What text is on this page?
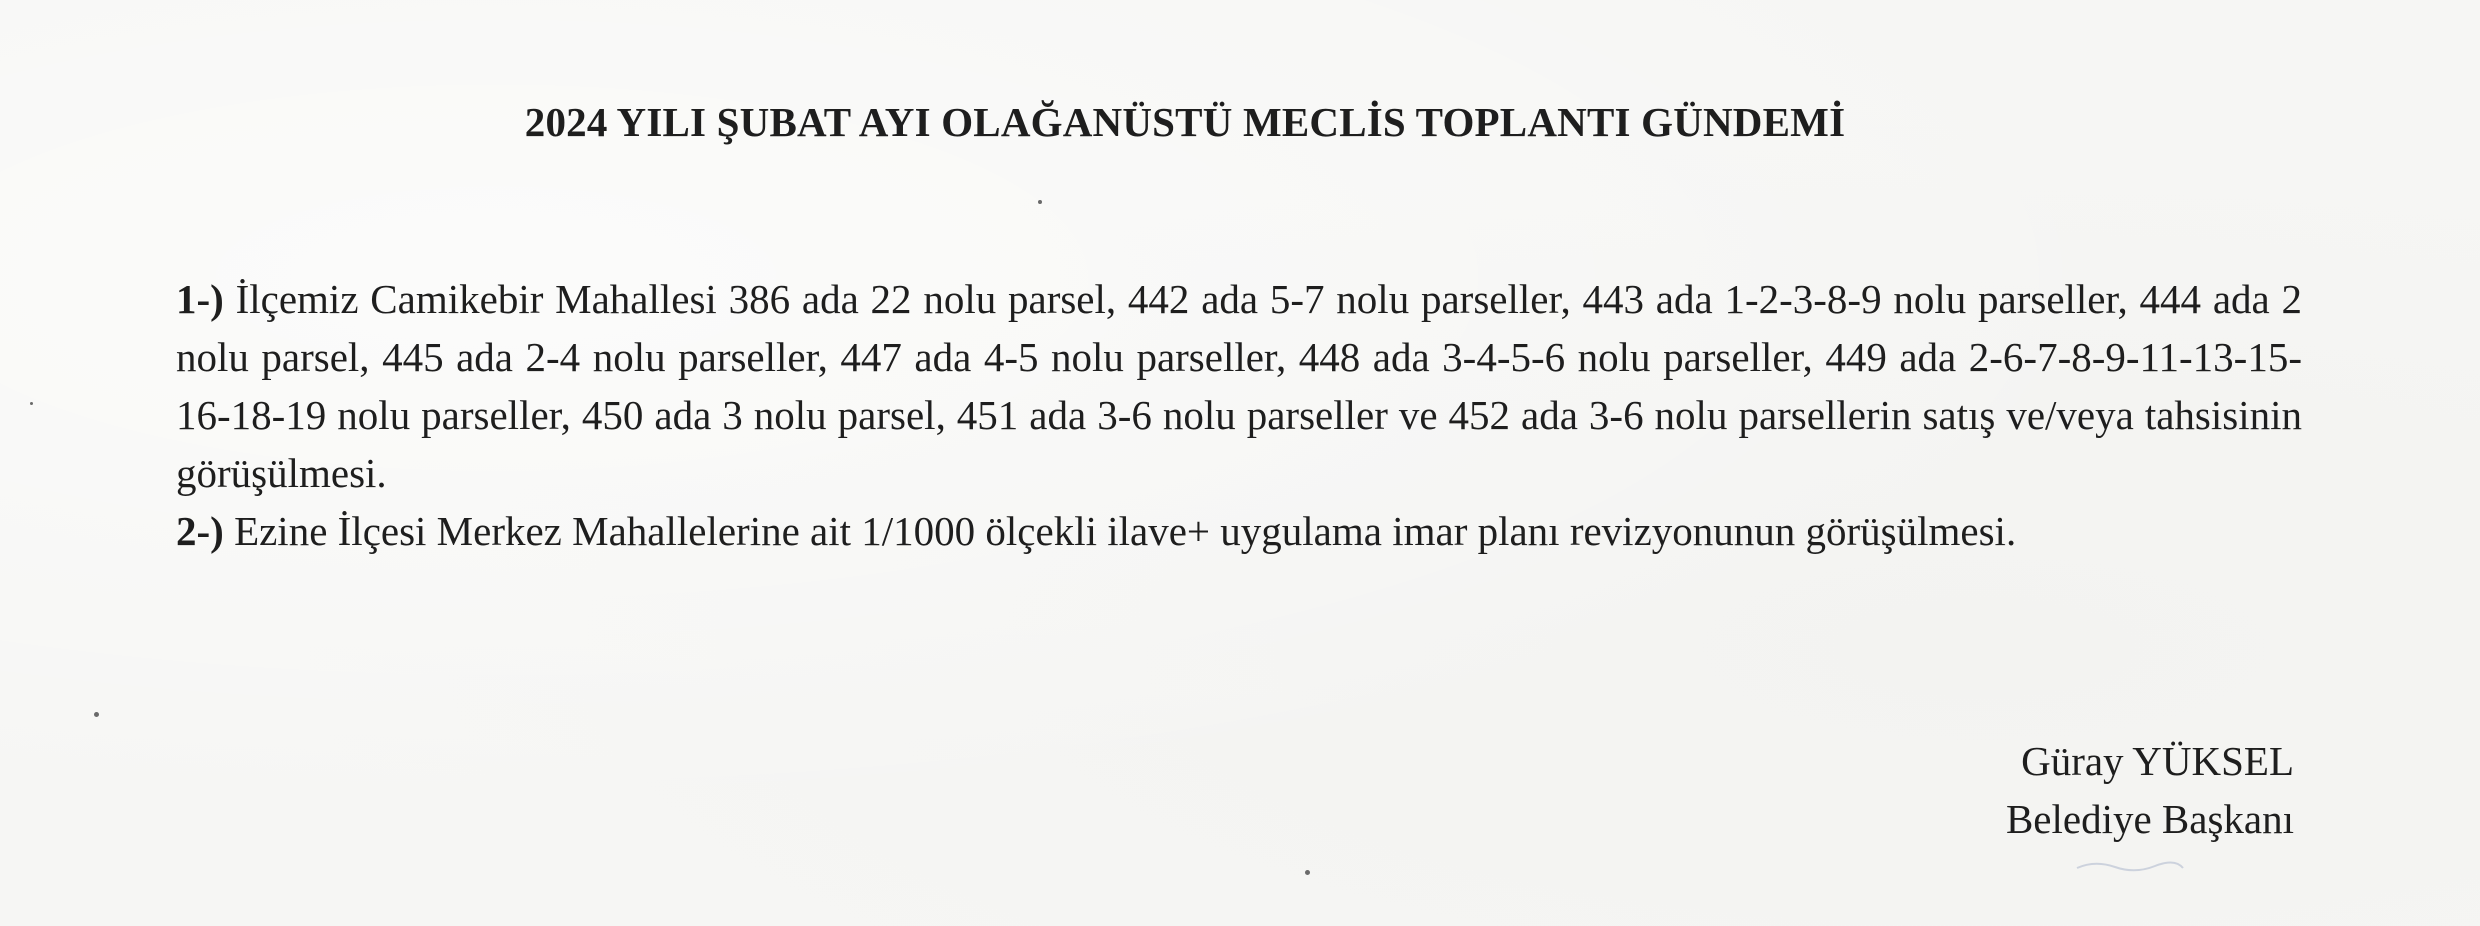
2024 YILI ŞUBAT AYI OLAĞANÜSTÜ MECLİS TOPLANTI GÜNDEMİ

1-) İlçemiz Camikebir Mahallesi 386 ada 22 nolu parsel, 442 ada 5-7 nolu parseller, 443 ada 1-2-3-8-9 nolu parseller, 444 ada 2 nolu parsel, 445 ada 2-4 nolu parseller, 447 ada 4-5 nolu parseller, 448 ada 3-4-5-6 nolu parseller, 449 ada 2-6-7-8-9-11-13-15-16-18-19 nolu parseller, 450 ada 3 nolu parsel, 451 ada 3-6 nolu parseller ve 452 ada 3-6 nolu parsellerin satış ve/veya tahsisinin görüşülmesi.

2-) Ezine İlçesi Merkez Mahallelerine ait 1/1000 ölçekli ilave+ uygulama imar planı revizyonunun görüşülmesi.

Güray YÜKSEL
Belediye Başkanı
